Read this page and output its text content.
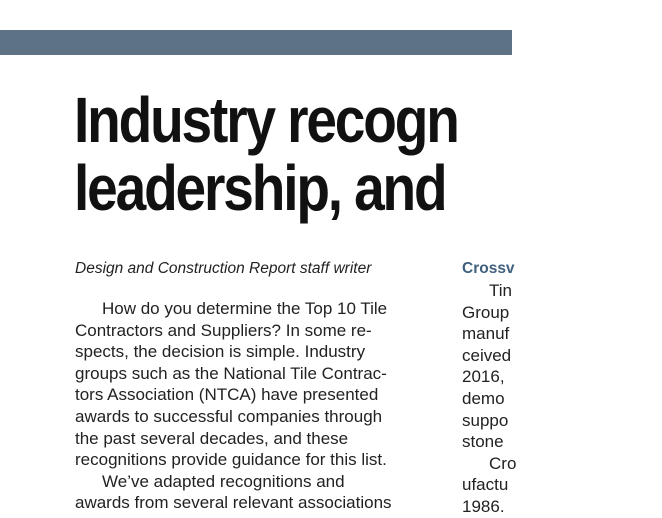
Industry recogn
leadership, and

Design and Construction Report staff writer

How do you determine the Top 10 Tile
Contractors and Suppliers? In some re-
spects, the decision is simple. Industry
groups such as the National Tile Contrac-
tors Association (NTCA) have presented
awards to successful companies through
the past several decades, and these
recognitions provide guidance for this list.
We’ve adapted recognitions and
awards from several relevant associations

Crossv

Tin
Group
manuf
ceived
2016,
demo
suppo
stone
Cro
ufactu
1986.
